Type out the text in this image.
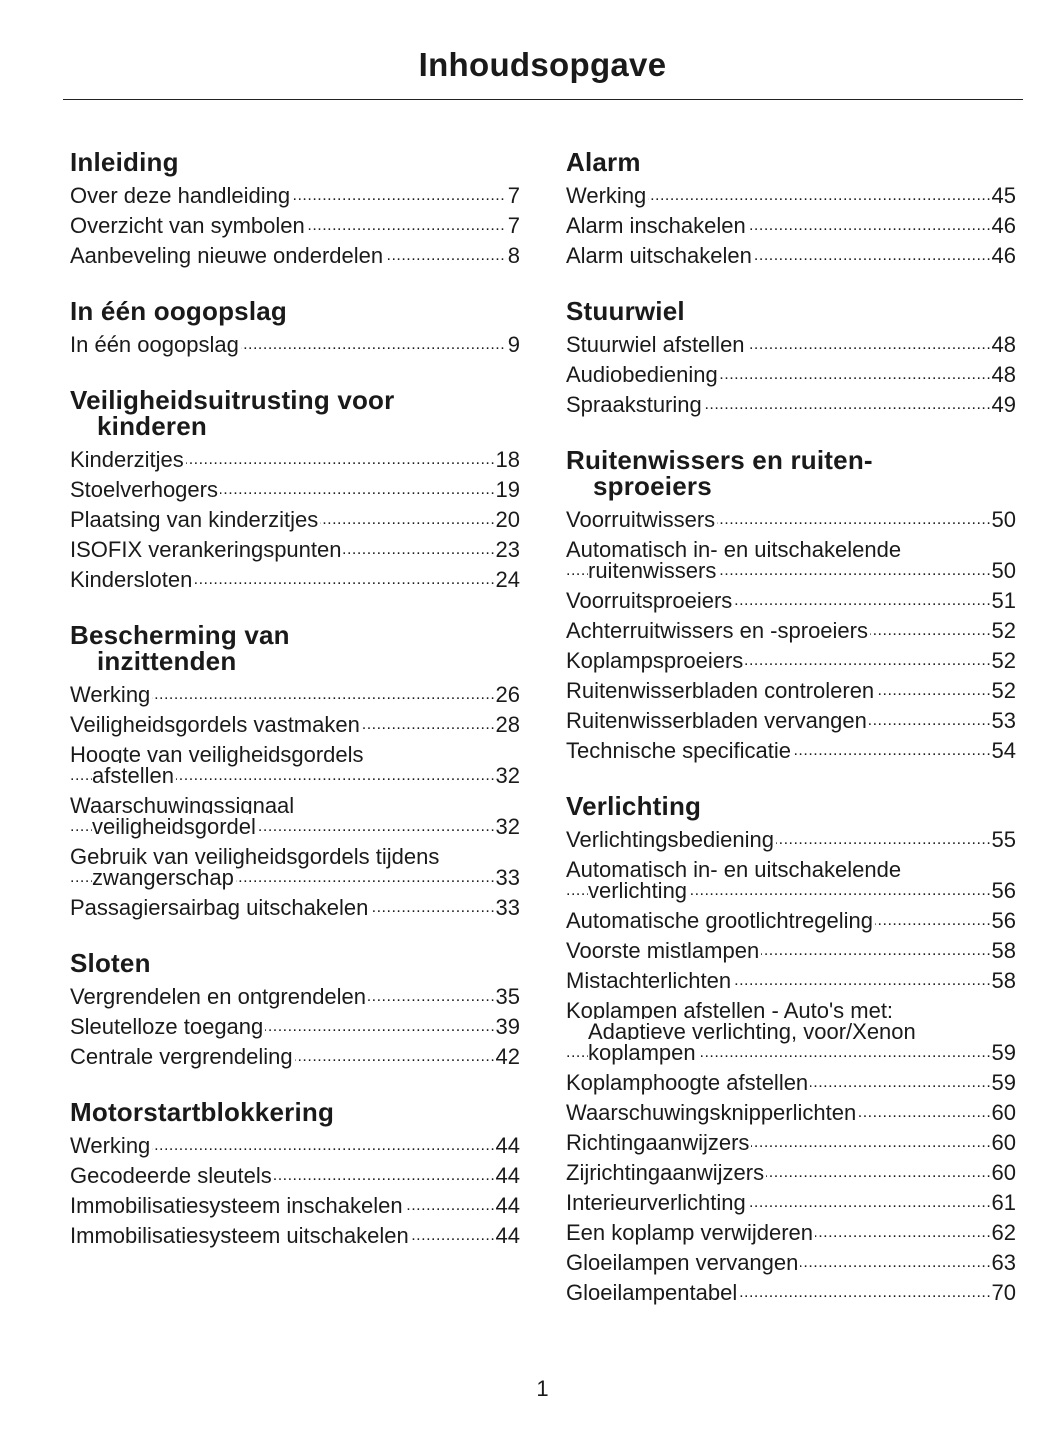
Inhoudsopgave
Inleiding
..... Over deze handleiding	7
..... Overzicht van symbolen	7
..... Aanbeveling nieuwe onderdelen	8
In één oogopslag
..... In één oogopslag	9
Veiligheidsuitrusting voor
kinderen
..... Kinderzitjes	18
..... Stoelverhogers	19
..... Plaatsing van kinderzitjes	20
..... ISOFIX verankeringspunten	23
..... Kindersloten	24
Bescherming van
inzittenden
..... Werking	26
..... Veiligheidsgordels vastmaken	28
..... Hoogte van veiligheidsgordels
afstellen	32
..... Waarschuwingssignaal
veiligheidsgordel	32
..... Gebruik van veiligheidsgordels tijdens
zwangerschap	33
..... Passagiersairbag uitschakelen	33
Sloten
..... Vergrendelen en ontgrendelen	35
..... Sleutelloze toegang	39
..... Centrale vergrendeling	42
Motorstartblokkering
..... Werking	44
..... Gecodeerde sleutels	44
..... Immobilisatiesysteem inschakelen	44
..... Immobilisatiesysteem uitschakelen	44
Alarm
..... Werking	45
..... Alarm inschakelen	46
..... Alarm uitschakelen	46
Stuurwiel
..... Stuurwiel afstellen	48
..... Audiobediening	48
..... Spraaksturing	49
Ruitenwissers en ruiten-
sproeiers
..... Voorruitwissers	50
..... Automatisch in- en uitschakelende
ruitenwissers	50
..... Voorruitsproeiers	51
..... Achterruitwissers en -sproeiers	52
..... Koplampsproeiers	52
..... Ruitenwisserbladen controleren	52
..... Ruitenwisserbladen vervangen	53
..... Technische specificatie	54
Verlichting
..... Verlichtingsbediening	55
..... Automatisch in- en uitschakelende
verlichting	56
..... Automatische grootlichtregeling	56
..... Voorste mistlampen	58
..... Mistachterlichten	58
..... Koplampen afstellen - Auto's met:
Adaptieve verlichting, voor/Xenon
koplampen	59
..... Koplamphoogte afstellen	59
..... Waarschuwingsknipperlichten	60
..... Richtingaanwijzers	60
..... Zijrichtingaanwijzers	60
..... Interieurverlichting	61
..... Een koplamp verwijderen	62
..... Gloeilampen vervangen	63
..... Gloeilampentabel	70
1
